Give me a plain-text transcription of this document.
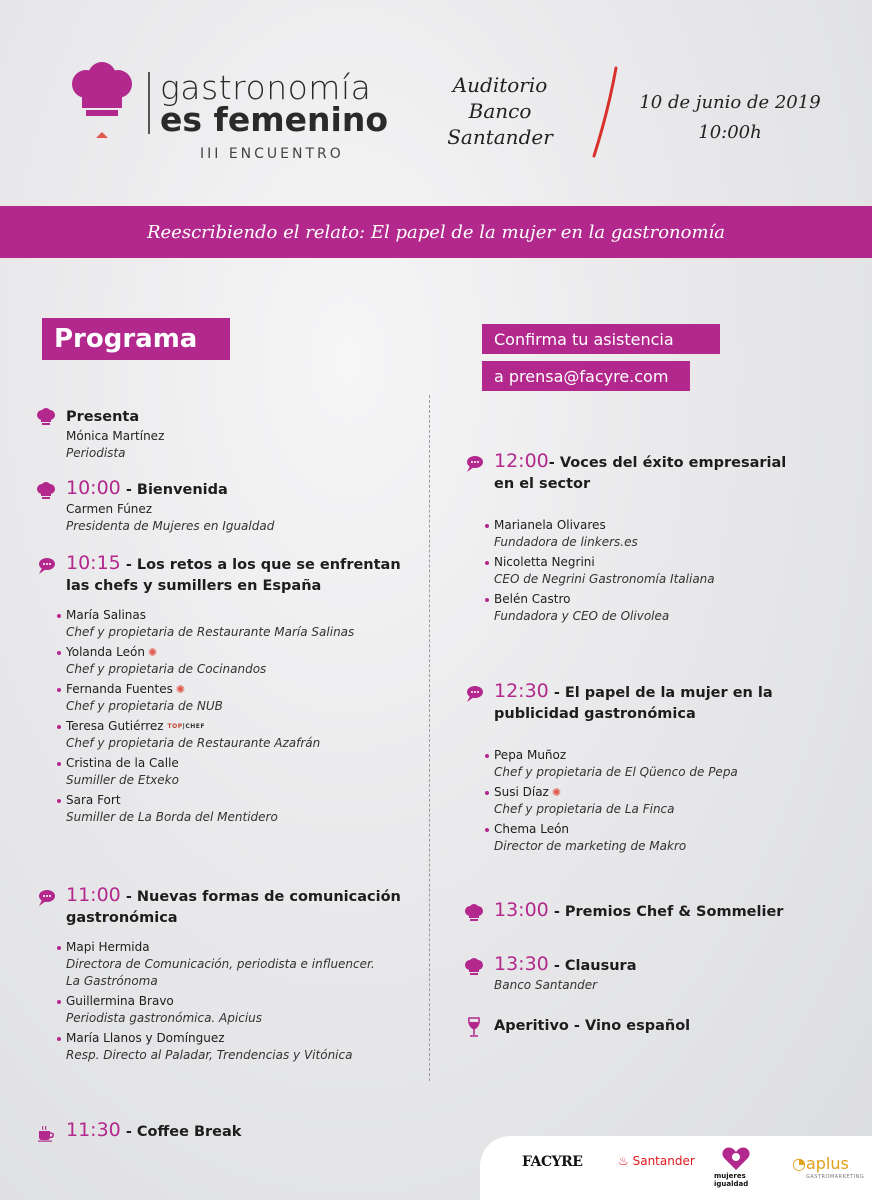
gastronomía
es femenino
III ENCUENTRO
Auditorio
Banco
Santander
10 de junio de 2019
10:00h
Reescribiendo el relato: El papel de la mujer en la gastronomía
Programa	Confirma tu asistencia
a prensa@facyre.com
Presenta
Mónica Martínez
Periodista
10:00 - Bienvenida
Carmen Fúnez
Presidenta de Mujeres en Igualdad
10:15 - Los retos a los que se enfrentan
las chefs y sumillers en España
María Salinas
Chef y propietaria de Restaurante María Salinas
Yolanda León ✺
Chef y propietaria de Cocinandos
Fernanda Fuentes ✺
Chef y propietaria de NUB
Teresa Gutiérrez TOP|CHEF
Chef y propietaria de Restaurante Azafrán
Cristina de la Calle
Sumiller de Etxeko
Sara Fort
Sumiller de La Borda del Mentidero
11:00 - Nuevas formas de comunicación
gastronómica
Mapi Hermida
Directora de Comunicación, periodista e influencer.
La Gastrónoma
Guillermina Bravo
Periodista gastronómica. Apicius
María Llanos y Domínguez
Resp. Directo al Paladar, Trendencias y Vitónica
11:30 - Coffee Break
12:00- Voces del éxito empresarial
en el sector
Marianela Olivares
Fundadora de linkers.es
Nicoletta Negrini
CEO de Negrini Gastronomía Italiana
Belén Castro
Fundadora y CEO de Olivolea
12:30 - El papel de la mujer en la
publicidad gastronómica
Pepa Muñoz
Chef y propietaria de El Qüenco de Pepa
Susi Díaz ✺
Chef y propietaria de La Finca
Chema León
Director de marketing de Makro
13:00 - Premios Chef & Sommelier
13:30 - Clausura
Banco Santander
Aperitivo - Vino español
FACYRE	♨ Santander
mujeres igualdad
◔aplus
GASTROMARKETING
